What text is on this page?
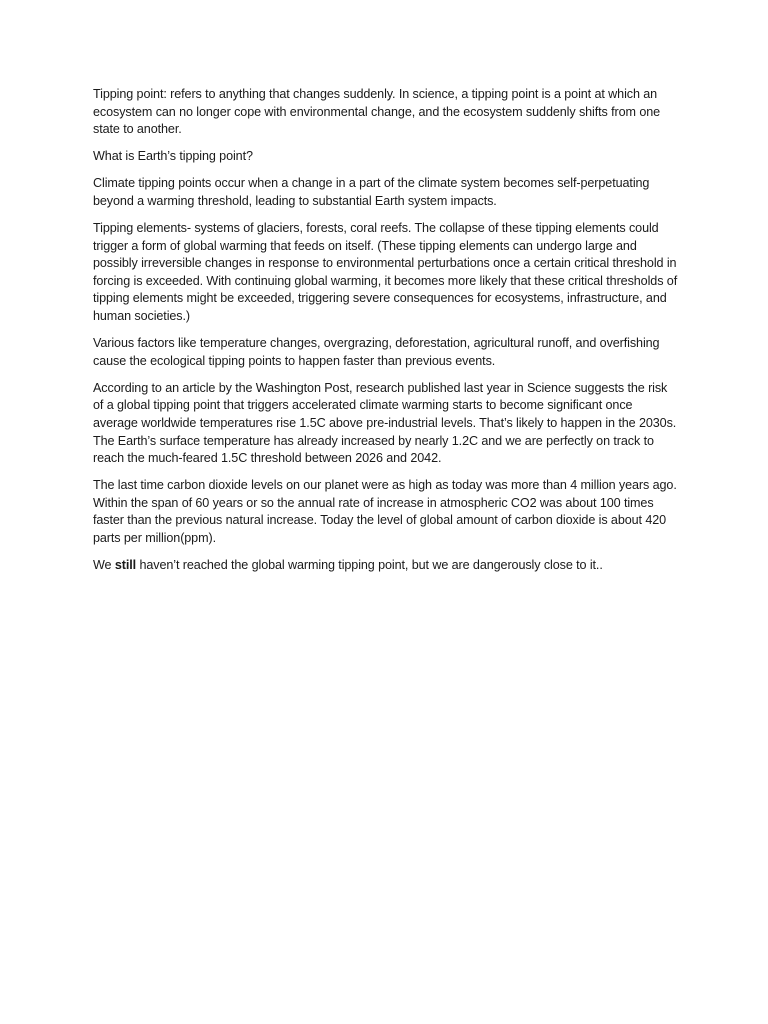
Tipping point: refers to anything that changes suddenly. In science, a tipping point is a point at which an ecosystem can no longer cope with environmental change, and the ecosystem suddenly shifts from one state to another.

What is Earth’s tipping point?

Climate tipping points occur when a change in a part of the climate system becomes self-perpetuating beyond a warming threshold, leading to substantial Earth system impacts.

Tipping elements- systems of glaciers, forests, coral reefs. The collapse of these tipping elements could trigger a form of global warming that feeds on itself. (These tipping elements can undergo large and possibly irreversible changes in response to environmental perturbations once a certain critical threshold in forcing is exceeded. With continuing global warming, it becomes more likely that these critical thresholds of tipping elements might be exceeded, triggering severe consequences for ecosystems, infrastructure, and human societies.)

Various factors like temperature changes, overgrazing, deforestation, agricultural runoff, and overfishing cause the ecological tipping points to happen faster than previous events.

According to an article by the Washington Post, research published last year in Science suggests the risk of a global tipping point that triggers accelerated climate warming starts to become significant once average worldwide temperatures rise 1.5C above pre-industrial levels. That’s likely to happen in the 2030s. The Earth’s surface temperature has already increased by nearly 1.2C and we are perfectly on track to reach the much-feared 1.5C threshold between 2026 and 2042.

The last time carbon dioxide levels on our planet were as high as today was more than 4 million years ago. Within the span of 60 years or so the annual rate of increase in atmospheric CO2 was about 100 times faster than the previous natural increase. Today the level of global amount of carbon dioxide is about 420 parts per million(ppm).

We still haven’t reached the global warming tipping point, but we are dangerously close to it..
